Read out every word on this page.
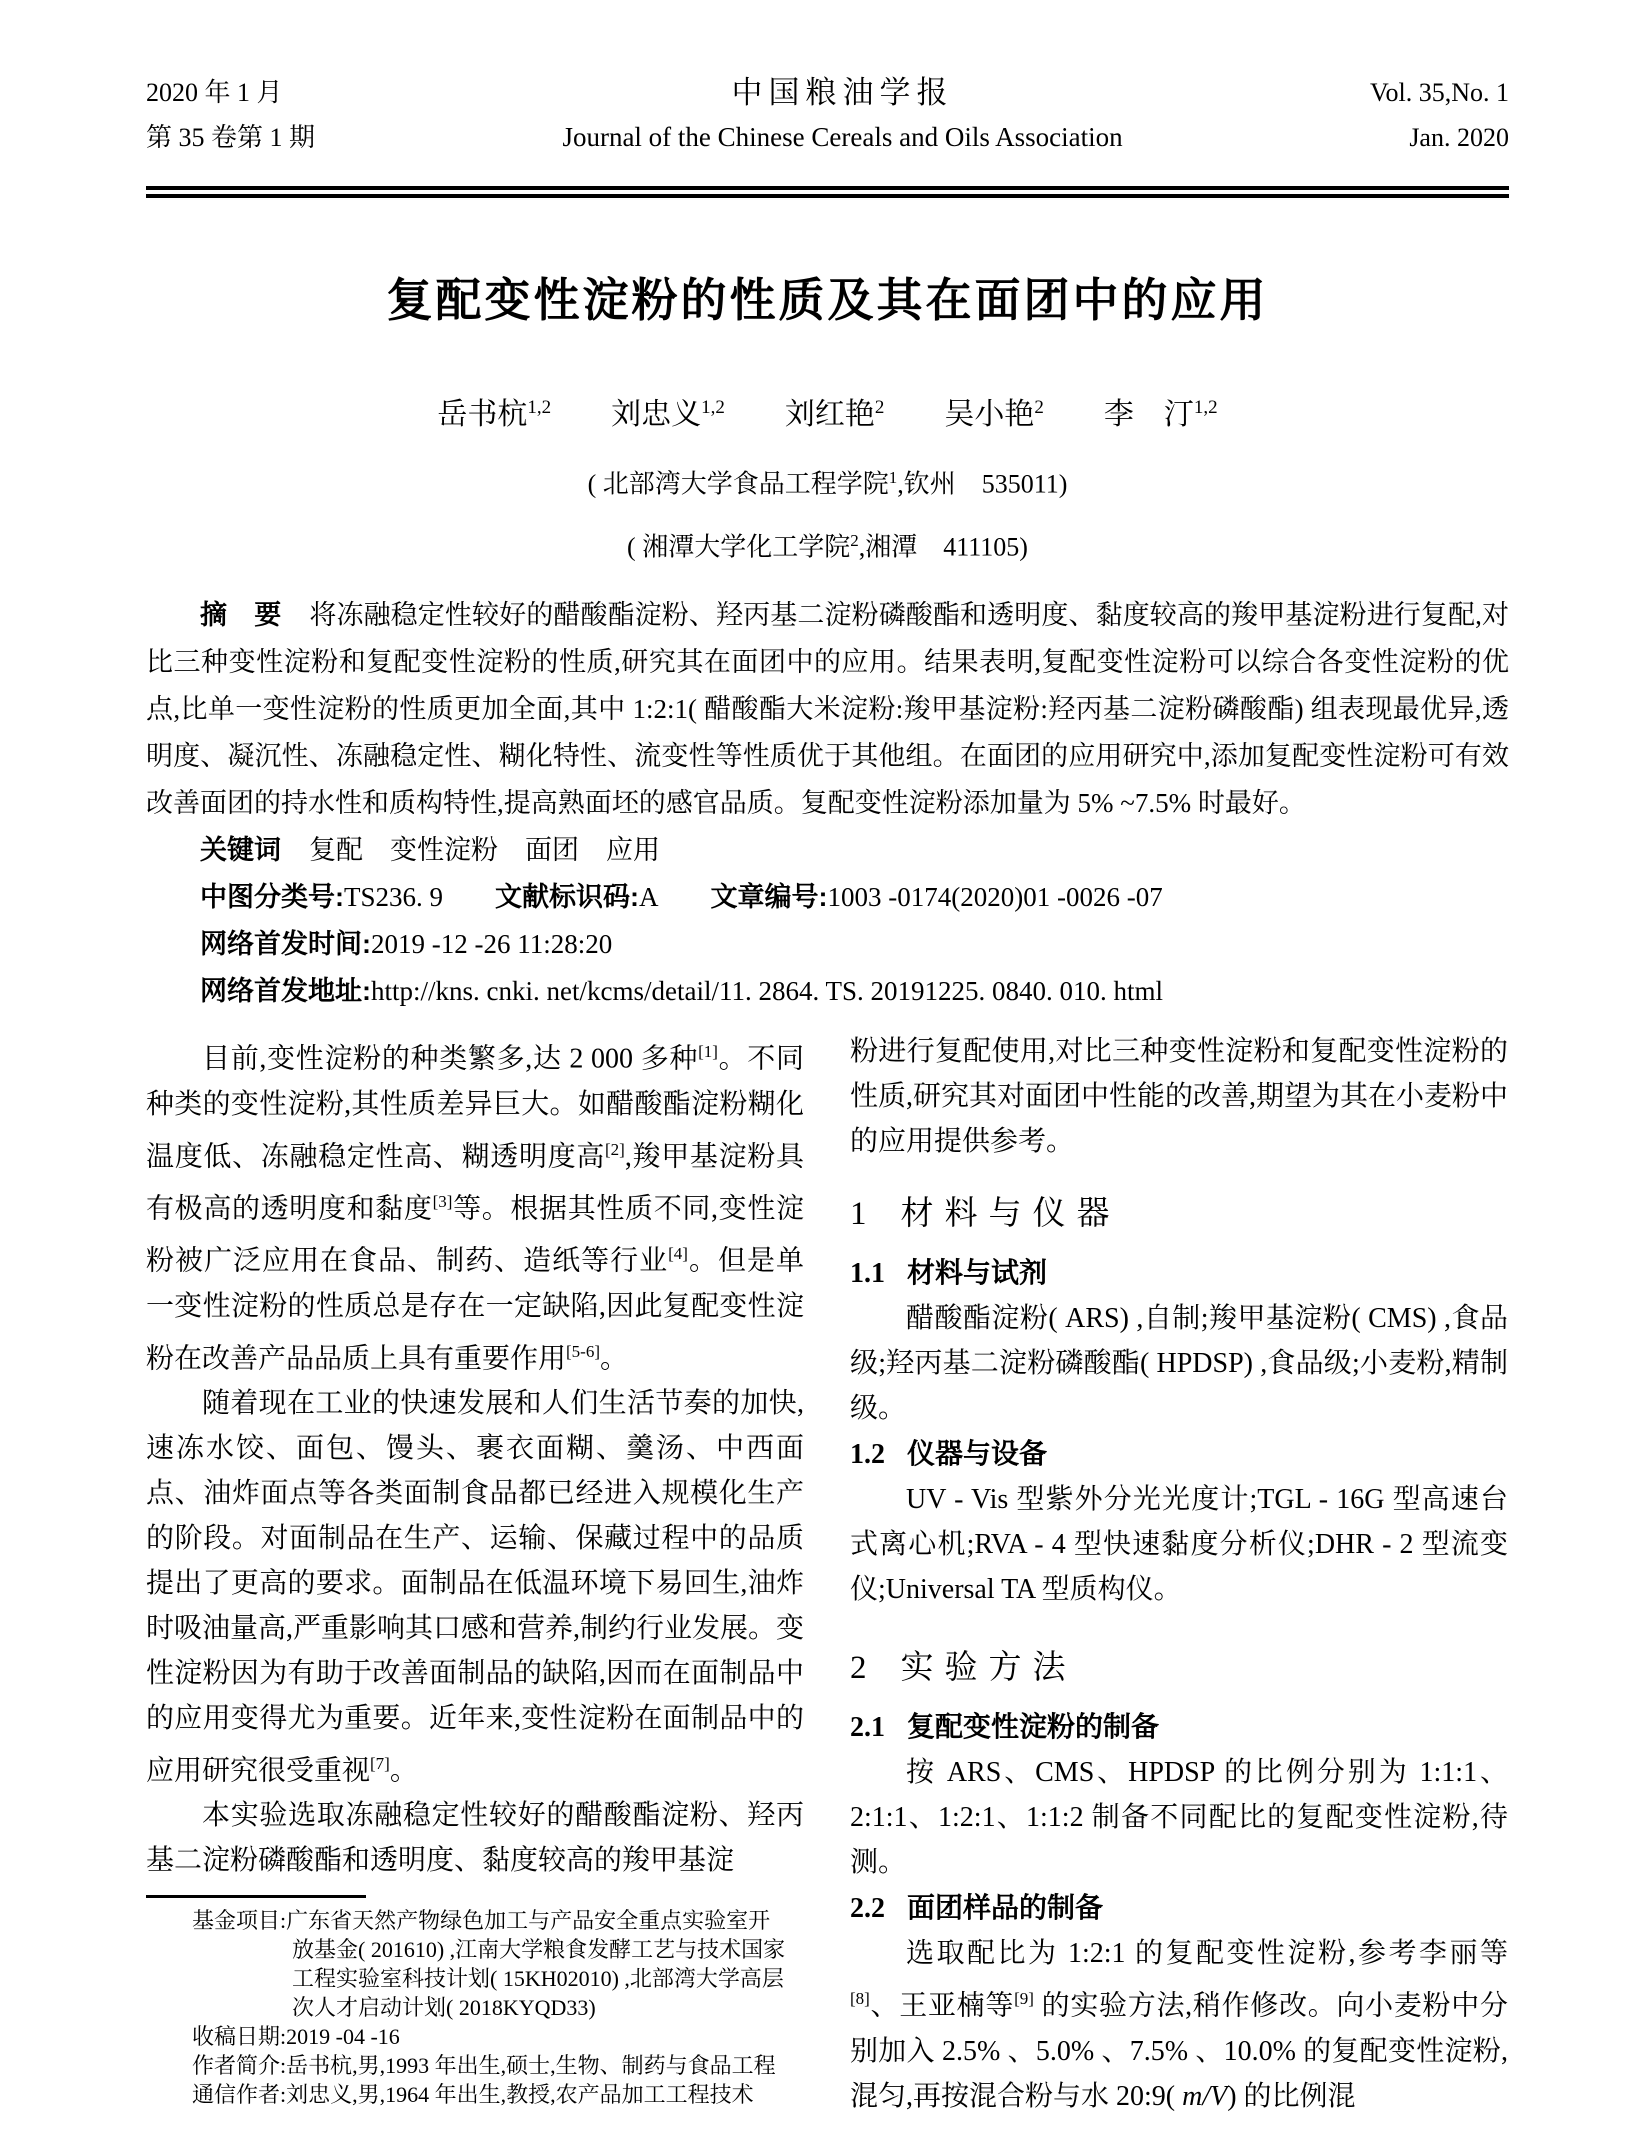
2020 年 1 月
第 35 卷第 1 期
中国粮油学报
Journal of the Chinese Cereals and Oils Association
Vol. 35,No. 1
Jan. 2020
复配变性淀粉的性质及其在面团中的应用
岳书杭$^{1,2}$　　刘忠义$^{1,2}$　　刘红艳$^2$　　吴小艳$^2$　　李　汀$^{1,2}$
( 北部湾大学食品工程学院$^1$,钦州　535011)
( 湘潭大学化工学院$^2$,湘潭　411105)

摘　要 将冻融稳定性较好的醋酸酯淀粉、羟丙基二淀粉磷酸酯和透明度、黏度较高的羧甲基淀粉进行复配,对比三种变性淀粉和复配变性淀粉的性质,研究其在面团中的应用。结果表明,复配变性淀粉可以综合各变性淀粉的优点,比单一变性淀粉的性质更加全面,其中 1:2:1( 醋酸酯大米淀粉:羧甲基淀粉:羟丙基二淀粉磷酸酯) 组表现最优异,透明度、凝沉性、冻融稳定性、糊化特性、流变性等性质优于其他组。在面团的应用研究中,添加复配变性淀粉可有效改善面团的持水性和质构特性,提高熟面坯的感官品质。复配变性淀粉添加量为 5% ~7.5% 时最好。

关键词 复配　变性淀粉　面团　应用

中图分类号:TS236. 9 文献标识码:A 文章编号:1003 -0174(2020)01 -0026 -07

网络首发时间:2019 -12 -26 11:28:20

网络首发地址:http://kns. cnki. net/kcms/detail/11. 2864. TS. 20191225. 0840. 010. html

目前,变性淀粉的种类繁多,达 2 000 多种[1]。不同种类的变性淀粉,其性质差异巨大。如醋酸酯淀粉糊化温度低、冻融稳定性高、糊透明度高[2],羧甲基淀粉具有极高的透明度和黏度[3]等。根据其性质不同,变性淀粉被广泛应用在食品、制药、造纸等行业[4]。但是单一变性淀粉的性质总是存在一定缺陷,因此复配变性淀粉在改善产品品质上具有重要作用[5-6]。

随着现在工业的快速发展和人们生活节奏的加快,速冻水饺、面包、馒头、裹衣面糊、羹汤、中西面点、油炸面点等各类面制食品都已经进入规模化生产的阶段。对面制品在生产、运输、保藏过程中的品质提出了更高的要求。面制品在低温环境下易回生,油炸时吸油量高,严重影响其口感和营养,制约行业发展。变性淀粉因为有助于改善面制品的缺陷,因而在面制品中的应用变得尤为重要。近年来,变性淀粉在面制品中的应用研究很受重视[7]。

本实验选取冻融稳定性较好的醋酸酯淀粉、羟丙基二淀粉磷酸酯和透明度、黏度较高的羧甲基淀

基金项目:广东省天然产物绿色加工与产品安全重点实验室开
放基金( 201610) ,江南大学粮食发酵工艺与技术国家
工程实验室科技计划( 15KH02010) ,北部湾大学高层
次人才启动计划( 2018KYQD33)
收稿日期:2019 -04 -16
作者简介:岳书杭,男,1993 年出生,硕士,生物、制药与食品工程
通信作者:刘忠义,男,1964 年出生,教授,农产品加工工程技术

粉进行复配使用,对比三种变性淀粉和复配变性淀粉的性质,研究其对面团中性能的改善,期望为其在小麦粉中的应用提供参考。

1 材料与仪器
1.1 材料与试剂

醋酸酯淀粉( ARS) ,自制;羧甲基淀粉( CMS) ,食品级;羟丙基二淀粉磷酸酯( HPDSP) ,食品级;小麦粉,精制级。

1.2 仪器与设备

UV - Vis 型紫外分光光度计;TGL - 16G 型高速台式离心机;RVA - 4 型快速黏度分析仪;DHR - 2 型流变仪;Universal TA 型质构仪。

2 实验方法
2.1 复配变性淀粉的制备

按 ARS、CMS、HPDSP 的比例分别为 1:1:1、2:1:1、1:2:1、1:1:2 制备不同配比的复配变性淀粉,待测。

2.2 面团样品的制备

选取配比为 1:2:1 的复配变性淀粉,参考李丽等[8]、王亚楠等[9] 的实验方法,稍作修改。向小麦粉中分别加入 2.5% 、5.0% 、7.5% 、10.0% 的复配变性淀粉,混匀,再按混合粉与水 20:9( m/V) 的比例混
